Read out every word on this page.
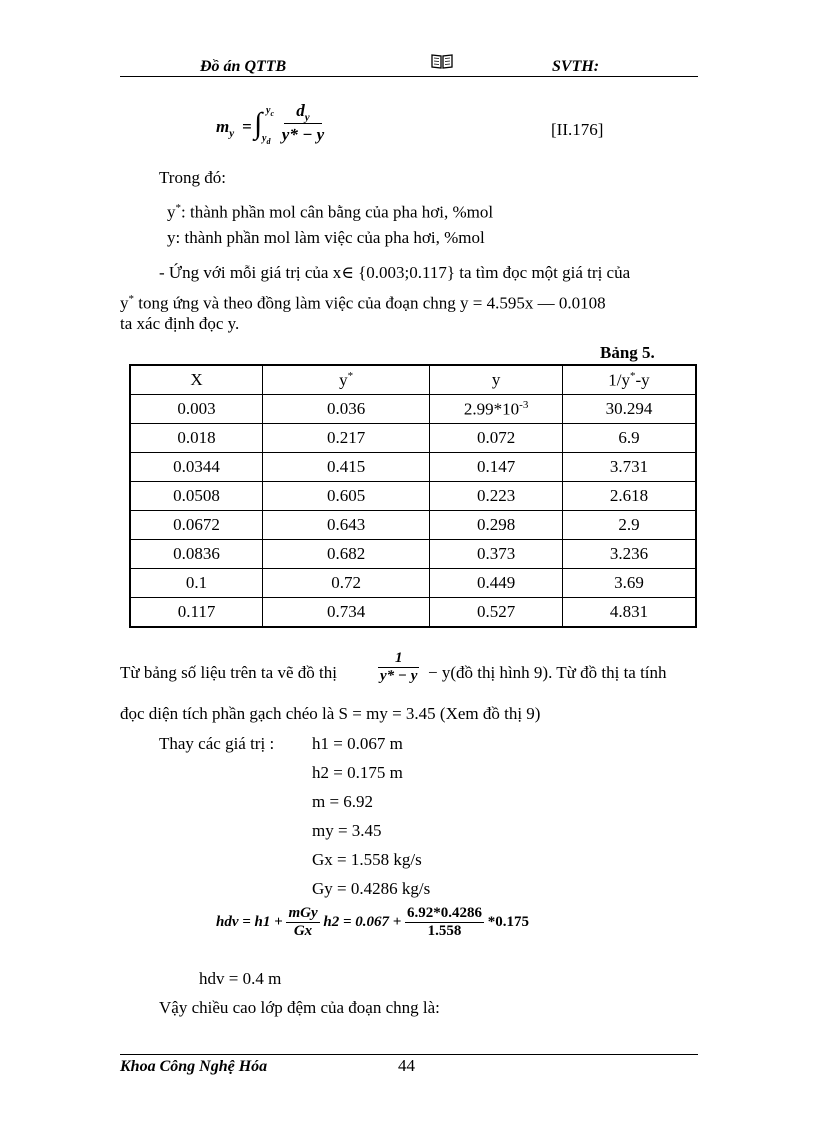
Đồ án QTTB	SVTH:
$m_y$ = ∫ $y_c$
$y_d$
$d_y$
y* − y	[II.176]
Trong đó:
y*: thành phần mol cân bằng của pha hơi, %mol
y: thành phần mol làm việc của pha hơi, %mol
- Ứng với mỗi giá trị của x∈ {0.003;0.117} ta tìm đọc một giá trị của
y* tong ứng và theo đồng làm việc của đoạn chng y = 4.595x — 0.0108
ta xác định đọc y.
Bảng 5.
X	y*	y	1/y*-y
0.003	0.036	$2.99*10^{-3}$	30.294
0.018	0.217	0.072	6.9
0.0344	0.415	0.147	3.731
0.0508	0.605	0.223	2.618
0.0672	0.643	0.298	2.9
0.0836	0.682	0.373	3.236
0.1	0.72	0.449	3.69
0.117	0.734	0.527	4.831
Từ bảng số liệu trên ta vẽ đồ thị	$\frac{1}{y* - y}$ − y(đồ thị hình 9). Từ đồ thị ta tính
đọc diện tích phần gạch chéo là S = my = 3.45 (Xem đồ thị 9)
Thay các giá trị : h1 = 0.067 m
h2 = 0.175 m
m = 6.92
my = 3.45
Gx = 1.558 kg/s
Gy = 0.4286 kg/s
hdv = $h1 + \frac{\text{mGy}}{Gx} h2 = 0.067 + \frac{6.92*0.4286}{1.558} *0.175$
hdv = 0.4 m
Vậy chiều cao lớp đệm của đoạn chng là:
Khoa Công Nghệ Hóa	44
